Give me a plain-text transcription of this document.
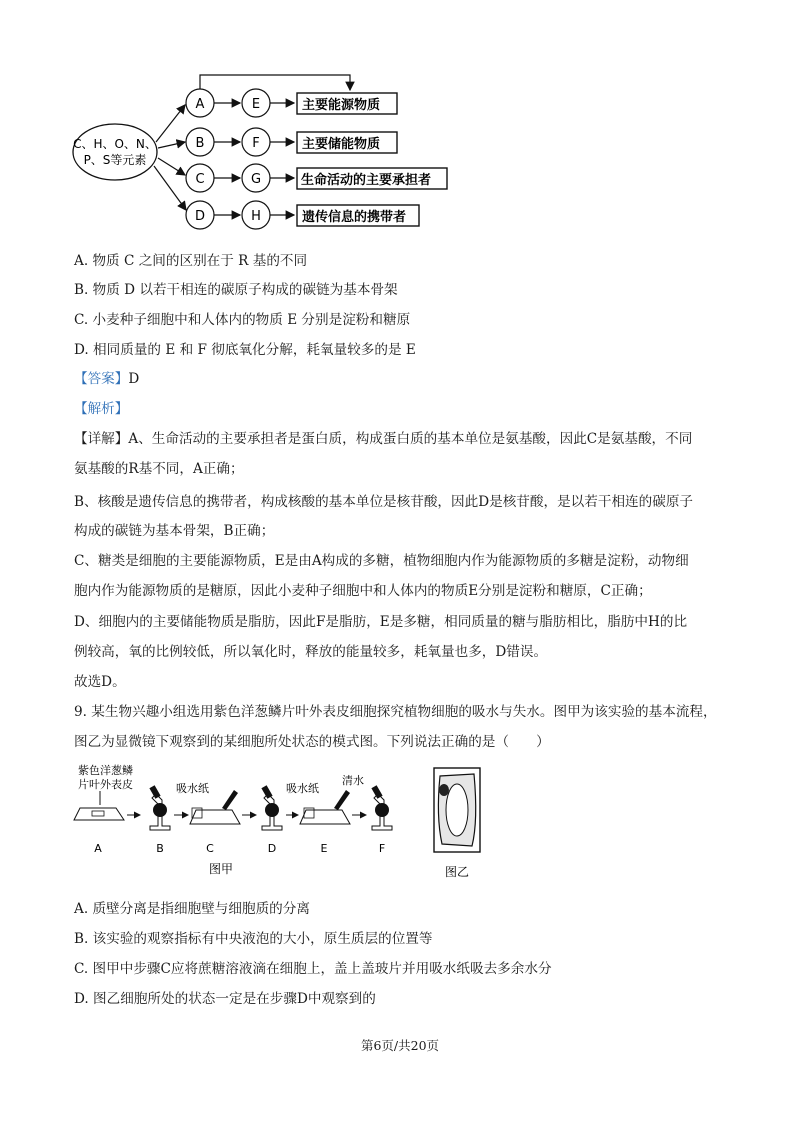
C、H、O、N、
P、S等元素
A
B
C
D
E
F
G
H
主要能源物质
主要储能物质
生命活动的主要承担者
遗传信息的携带者
A. 物质 C 之间的区别在于 R 基的不同
B. 物质 D 以若干相连的碳原子构成的碳链为基本骨架
C. 小麦种子细胞中和人体内的物质 E 分别是淀粉和糖原
D. 相同质量的 E 和 F 彻底氧化分解，耗氧量较多的是 E
【答案】D
【解析】
【详解】A、生命活动的主要承担者是蛋白质，构成蛋白质的基本单位是氨基酸，因此C是氨基酸，不同
氨基酸的R基不同，A正确；
B、核酸是遗传信息的携带者，构成核酸的基本单位是核苷酸，因此D是核苷酸，是以若干相连的碳原子
构成的碳链为基本骨架，B正确；
C、糖类是细胞的主要能源物质，E是由A构成的多糖，植物细胞内作为能源物质的多糖是淀粉，动物细
胞内作为能源物质的是糖原，因此小麦种子细胞中和人体内的物质E分别是淀粉和糖原，C正确；
D、细胞内的主要储能物质是脂肪，因此F是脂肪，E是多糖，相同质量的糖与脂肪相比，脂肪中H的比
例较高，氧的比例较低，所以氧化时，释放的能量较多，耗氧量也多，D错误。
故选D。
9. 某生物兴趣小组选用紫色洋葱鳞片叶外表皮细胞探究植物细胞的吸水与失水。图甲为该实验的基本流程，
图乙为显微镜下观察到的某细胞所处状态的模式图。下列说法正确的是（　　）
紫色洋葱鳞
片叶外表皮	吸水纸	吸水纸
清水
A	B	C	D	E	F
图甲	图乙
A. 质壁分离是指细胞壁与细胞质的分离
B. 该实验的观察指标有中央液泡的大小，原生质层的位置等
C. 图甲中步骤C应将蔗糖溶液滴在细胞上，盖上盖玻片并用吸水纸吸去多余水分
D. 图乙细胞所处的状态一定是在步骤D中观察到的
第6页/共20页
